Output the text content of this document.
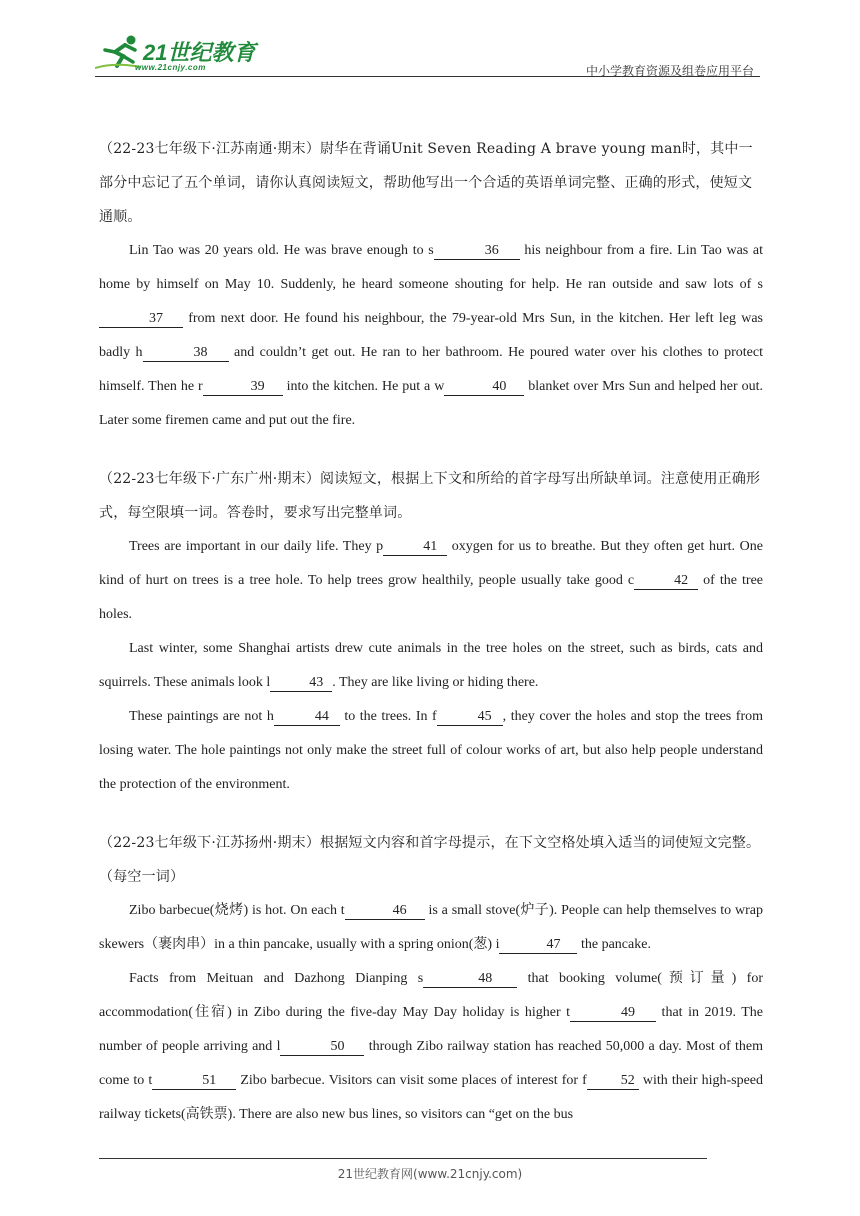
21世纪教育
www.21cnjy.com	中小学教育资源及组卷应用平台

（22-23七年级下·江苏南通·期末）尉华在背诵Unit Seven Reading A brave young man时，其中一部分中忘记了五个单词，请你认真阅读短文，帮助他写出一个合适的英语单词完整、正确的形式，使短文通顺。

Lin Tao was 20 years old. He was brave enough to s	36 his neighbour from a fire. Lin Tao was at home by himself on May 10. Suddenly, he heard someone shouting for help. He ran outside and saw lots of s37 from next door. He found his neighbour, the 79-year-old Mrs Sun, in the kitchen. Her left leg was badly h	38 and couldn’t get out. He ran to her bathroom. He poured water over his clothes to protect himself. Then he r	39 into the kitchen. He put a w	40 blanket over Mrs Sun and helped her out. Later some firemen came and put out the fire.

（22-23七年级下·广东广州·期末）阅读短文，根据上下文和所给的首字母写出所缺单词。注意使用正确形式，每空限填一词。答卷时，要求写出完整单词。

Trees are important in our daily life. They p	41 oxygen for us to breathe. But they often get hurt. One kind of hurt on trees is a tree hole. To help trees grow healthily, people usually take good c	42 of the tree holes.

Last winter, some Shanghai artists drew cute animals in the tree holes on the street, such as birds, cats and squirrels. These animals look l	43 . They are like living or hiding there.

These paintings are not h	44 to the trees. In f	45 , they cover the holes and stop the trees from losing water. The hole paintings not only make the street full of colour works of art, but also help people understand the protection of the environment.

（22-23七年级下·江苏扬州·期末）根据短文内容和首字母提示，在下文空格处填入适当的词使短文完整。（每空一词）

Zibo barbecue(烧烤) is hot. On each t	46 is a small stove(炉子). People can help themselves to wrap skewers（裹肉串）in a thin pancake, usually with a spring onion(葱) i	47 the pancake.

Facts from Meituan and Dazhong Dianping s	48 that booking volume(预订量) for accommodation(住宿) in Zibo during the five-day May Day holiday is higher t	49 that in 2019. The number of people arriving and l	50 through Zibo railway station has reached 50,000 a day. Most of them come to t	51 Zibo barbecue. Visitors can visit some places of interest for f 52 with their high-speed railway tickets(高铁票). There are also new bus lines, so visitors can “get on the bus

21世纪教育网(www.21cnjy.com)
